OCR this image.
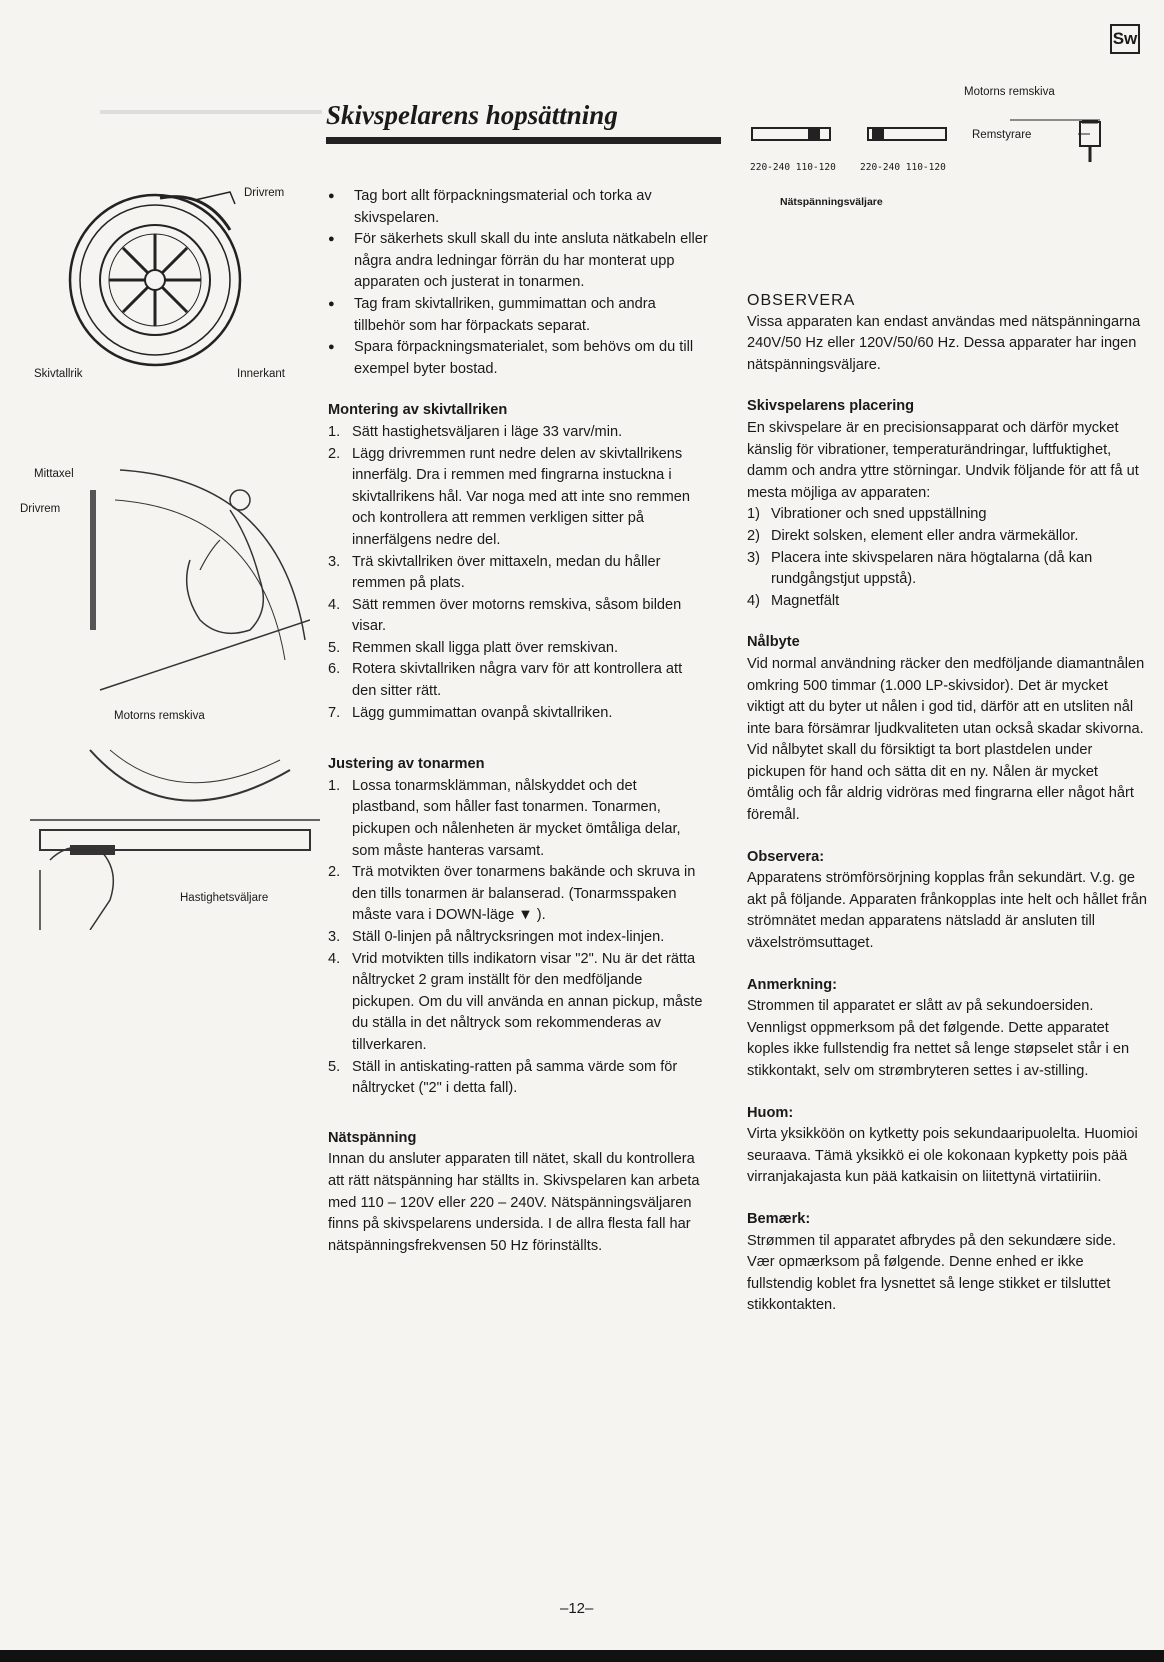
Sw
Skivspelarens hopsättning
Drivrem
Skivtallrik	Innerkant
Mittaxel
Drivrem
Motorns remskiva
Hastighetsväljare
Motorns remskiva
Remstyrare
220-240 110-120	220-240 110-120
Nätspänningsväljare
● Tag bort allt förpackningsmaterial och torka av skivspelaren.
● För säkerhets skull skall du inte ansluta nätkabeln eller några andra ledningar förrän du har monterat upp apparaten och justerat in tonarmen.
● Tag fram skivtallriken, gummimattan och andra tillbehör som har förpackats separat.
● Spara förpackningsmaterialet, som behövs om du till exempel byter bostad.

Montering av skivtallriken

1. Sätt hastighetsväljaren i läge 33 varv/min.
2. Lägg drivremmen runt nedre delen av skivtallrikens innerfälg. Dra i remmen med fingrarna instuckna i skivtallrikens hål. Var noga med att inte sno remmen och kontrollera att remmen verkligen sitter på innerfälgens nedre del.
3. Trä skivtallriken över mittaxeln, medan du håller remmen på plats.
4. Sätt remmen över motorns remskiva, såsom bilden visar.
5. Remmen skall ligga platt över remskivan.
6. Rotera skivtallriken några varv för att kontrollera att den sitter rätt.
7. Lägg gummimattan ovanpå skivtallriken.

Justering av tonarmen

1. Lossa tonarmsklämman, nålskyddet och det plastband, som håller fast tonarmen. Tonarmen, pickupen och nålenheten är mycket ömtåliga delar, som måste hanteras varsamt.
2. Trä motvikten över tonarmens bakände och skruva in den tills tonarmen är balanserad. (Tonarmsspaken måste vara i DOWN-läge ▼ ).
3. Ställ 0-linjen på nåltrycksringen mot index-linjen.
4. Vrid motvikten tills indikatorn visar "2". Nu är det rätta nåltrycket 2 gram inställt för den medföljande pickupen. Om du vill använda en annan pickup, måste du ställa in det nåltryck som rekommenderas av tillverkaren.
5. Ställ in antiskating-ratten på samma värde som för nåltrycket ("2" i detta fall).

Nätspänning

Innan du ansluter apparaten till nätet, skall du kontrollera att rätt nätspänning har ställts in. Skivspelaren kan arbeta med 110 – 120V eller 220 – 240V. Nätspänningsväljaren finns på skivspelarens undersida. I de allra flesta fall har nätspänningsfrekvensen 50 Hz förinställts.

OBSERVERA

Vissa apparaten kan endast användas med nätspänningarna 240V/50 Hz eller 120V/50/60 Hz. Dessa apparater har ingen nätspänningsväljare.

Skivspelarens placering

En skivspelare är en precisionsapparat och därför mycket känslig för vibrationer, temperaturändringar, luftfuktighet, damm och andra yttre störningar. Undvik följande för att få ut mesta möjliga av apparaten:

1) Vibrationer och sned uppställning
2) Direkt solsken, element eller andra värmekällor.
3) Placera inte skivspelaren nära högtalarna (då kan rundgångstjut uppstå).
4) Magnetfält

Nålbyte

Vid normal användning räcker den medföljande diamantnålen omkring 500 timmar (1.000 LP-skivsidor). Det är mycket viktigt att du byter ut nålen i god tid, därför att en utsliten nål inte bara försämrar ljudkvaliteten utan också skadar skivorna. Vid nålbytet skall du försiktigt ta bort plastdelen under pickupen för hand och sätta dit en ny. Nålen är mycket ömtålig och får aldrig vidröras med fingrarna eller något hårt föremål.

Observera:

Apparatens strömförsörjning kopplas från sekundärt. V.g. ge akt på följande. Apparaten frånkopplas inte helt och hållet från strömnätet medan apparatens nätsladd är ansluten till växelströmsuttaget.

Anmerkning:

Strommen til apparatet er slått av på sekundoersiden. Vennligst oppmerksom på det følgende. Dette apparatet koples ikke fullstendig fra nettet så lenge støpselet står i en stikkontakt, selv om strømbryteren settes i av-stilling.

Huom:

Virta yksikköön on kytketty pois sekundaaripuolelta. Huomioi seuraava. Tämä yksikkö ei ole kokonaan kypketty pois pää virranjakajasta kun pää katkaisin on liitettynä virtatiiriin.

Bemærk:

Strømmen til apparatet afbrydes på den sekundære side. Vær opmærksom på følgende. Denne enhed er ikke fullstendig koblet fra lysnettet så lenge stikket er tilsluttet stikkontakten.

–12–
